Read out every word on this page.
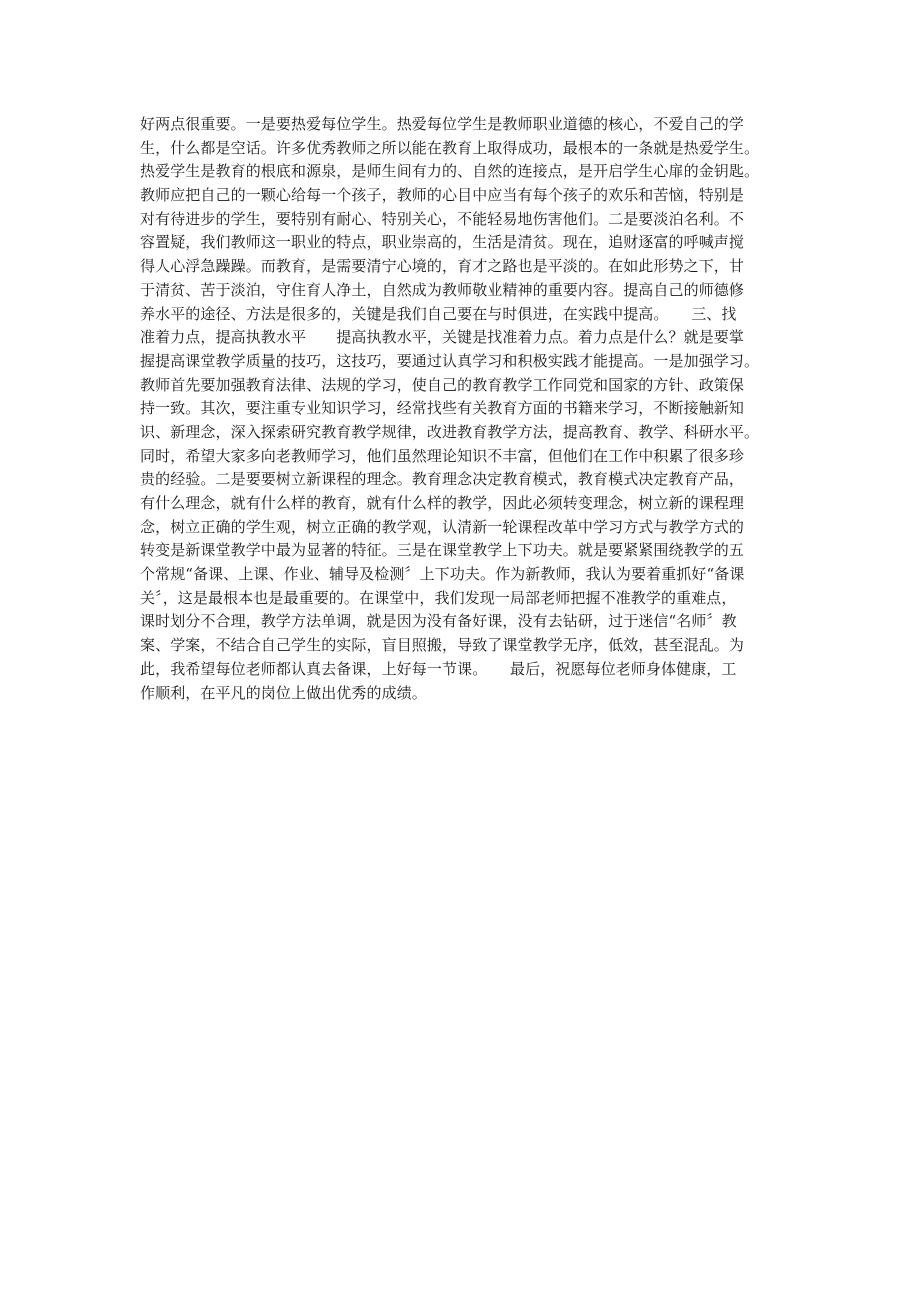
好两点很重要。一是要热爱每位学生。热爱每位学生是教师职业道德的核心，不爱自己的学
生，什么都是空话。许多优秀教师之所以能在教育上取得成功，最根本的一条就是热爱学生。
热爱学生是教育的根底和源泉，是师生间有力的、自然的连接点，是开启学生心扉的金钥匙。
教师应把自己的一颗心给每一个孩子，教师的心目中应当有每个孩子的欢乐和苦恼，特别是
对有待进步的学生，要特别有耐心、特别关心，不能轻易地伤害他们。二是要淡泊名利。不
容置疑，我们教师这一职业的特点，职业崇高的，生活是清贫。现在，追财逐富的呼喊声搅
得人心浮急躁躁。而教育，是需要清宁心境的，育才之路也是平淡的。在如此形势之下，甘
于清贫、苦于淡泊，守住育人净土，自然成为教师敬业精神的重要内容。提高自己的师德修
养水平的途径、方法是很多的，关键是我们自己要在与时俱进，在实践中提高。　　三、找
准着力点，提高执教水平　　提高执教水平，关键是找准着力点。着力点是什么？就是要掌
握提高课堂教学质量的技巧，这技巧，要通过认真学习和积极实践才能提高。一是加强学习。
教师首先要加强教育法律、法规的学习，使自己的教育教学工作同党和国家的方针、政策保
持一致。其次，要注重专业知识学习，经常找些有关教育方面的书籍来学习，不断接触新知
识、新理念，深入探索研究教育教学规律，改进教育教学方法，提高教育、教学、科研水平。
同时，希望大家多向老教师学习，他们虽然理论知识不丰富，但他们在工作中积累了很多珍
贵的经验。二是要要树立新课程的理念。教育理念决定教育模式，教育模式决定教育产品，
有什么理念，就有什么样的教育，就有什么样的教学，因此必须转变理念，树立新的课程理
念，树立正确的学生观，树立正确的教学观，认清新一轮课程改革中学习方式与教学方式的
转变是新课堂教学中最为显著的特征。三是在课堂教学上下功夫。就是要紧紧围绕教学的五
个常规“备课、上课、作业、辅导及检测〞上下功夫。作为新教师，我认为要着重抓好“备课
关〞，这是最根本也是最重要的。在课堂中，我们发现一局部老师把握不准教学的重难点，
课时划分不合理，教学方法单调，就是因为没有备好课，没有去钻研，过于迷信“名师〞教
案、学案，不结合自己学生的实际，盲目照搬，导致了课堂教学无序，低效，甚至混乱。为
此，我希望每位老师都认真去备课，上好每一节课。　　最后，祝愿每位老师身体健康，工
作顺利，在平凡的岗位上做出优秀的成绩。
